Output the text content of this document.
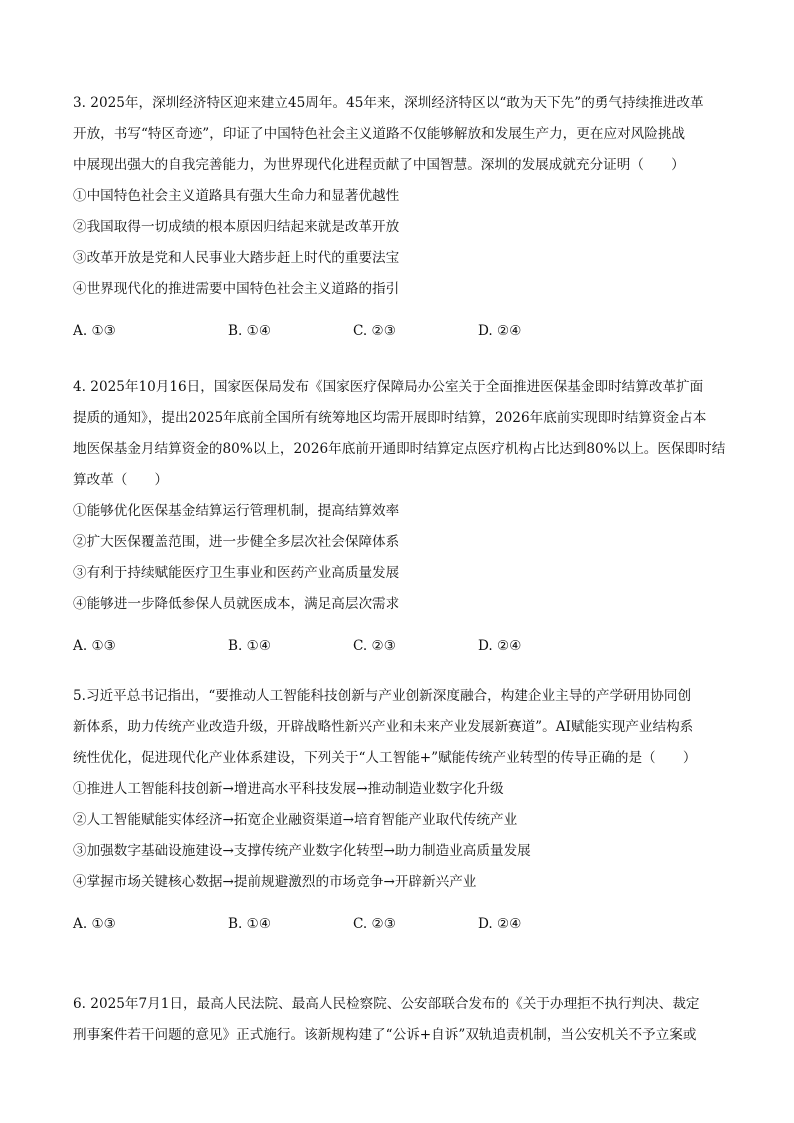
3. 2025年，深圳经济特区迎来建立45周年。45年来，深圳经济特区以“敢为天下先”的勇气持续推进改革
开放，书写“特区奇迹”，印证了中国特色社会主义道路不仅能够解放和发展生产力，更在应对风险挑战
中展现出强大的自我完善能力，为世界现代化进程贡献了中国智慧。深圳的发展成就充分证明（　　）
①中国特色社会主义道路具有强大生命力和显著优越性
②我国取得一切成绩的根本原因归结起来就是改革开放
③改革开放是党和人民事业大踏步赶上时代的重要法宝
④世界现代化的推进需要中国特色社会主义道路的指引
A. ①③	B. ①④	C. ②③	D. ②④
4. 2025年10月16日，国家医保局发布《国家医疗保障局办公室关于全面推进医保基金即时结算改革扩面
提质的通知》，提出2025年底前全国所有统筹地区均需开展即时结算，2026年底前实现即时结算资金占本
地医保基金月结算资金的80%以上，2026年底前开通即时结算定点医疗机构占比达到80%以上。医保即时结
算改革（　　）
①能够优化医保基金结算运行管理机制，提高结算效率
②扩大医保覆盖范围，进一步健全多层次社会保障体系
③有利于持续赋能医疗卫生事业和医药产业高质量发展
④能够进一步降低参保人员就医成本，满足高层次需求
A. ①③	B. ①④	C. ②③	D. ②④
5.习近平总书记指出，“要推动人工智能科技创新与产业创新深度融合，构建企业主导的产学研用协同创
新体系，助力传统产业改造升级，开辟战略性新兴产业和未来产业发展新赛道”。AI赋能实现产业结构系
统性优化，促进现代化产业体系建设，下列关于“人工智能+”赋能传统产业转型的传导正确的是（　　）
①推进人工智能科技创新→增进高水平科技发展→推动制造业数字化升级
②人工智能赋能实体经济→拓宽企业融资渠道→培育智能产业取代传统产业
③加强数字基础设施建设→支撑传统产业数字化转型→助力制造业高质量发展
④掌握市场关键核心数据→提前规避激烈的市场竞争→开辟新兴产业
A. ①③	B. ①④	C. ②③	D. ②④
6. 2025年7月1日，最高人民法院、最高人民检察院、公安部联合发布的《关于办理拒不执行判决、裁定
刑事案件若干问题的意见》正式施行。该新规构建了“公诉+自诉”双轨追责机制，当公安机关不予立案或
